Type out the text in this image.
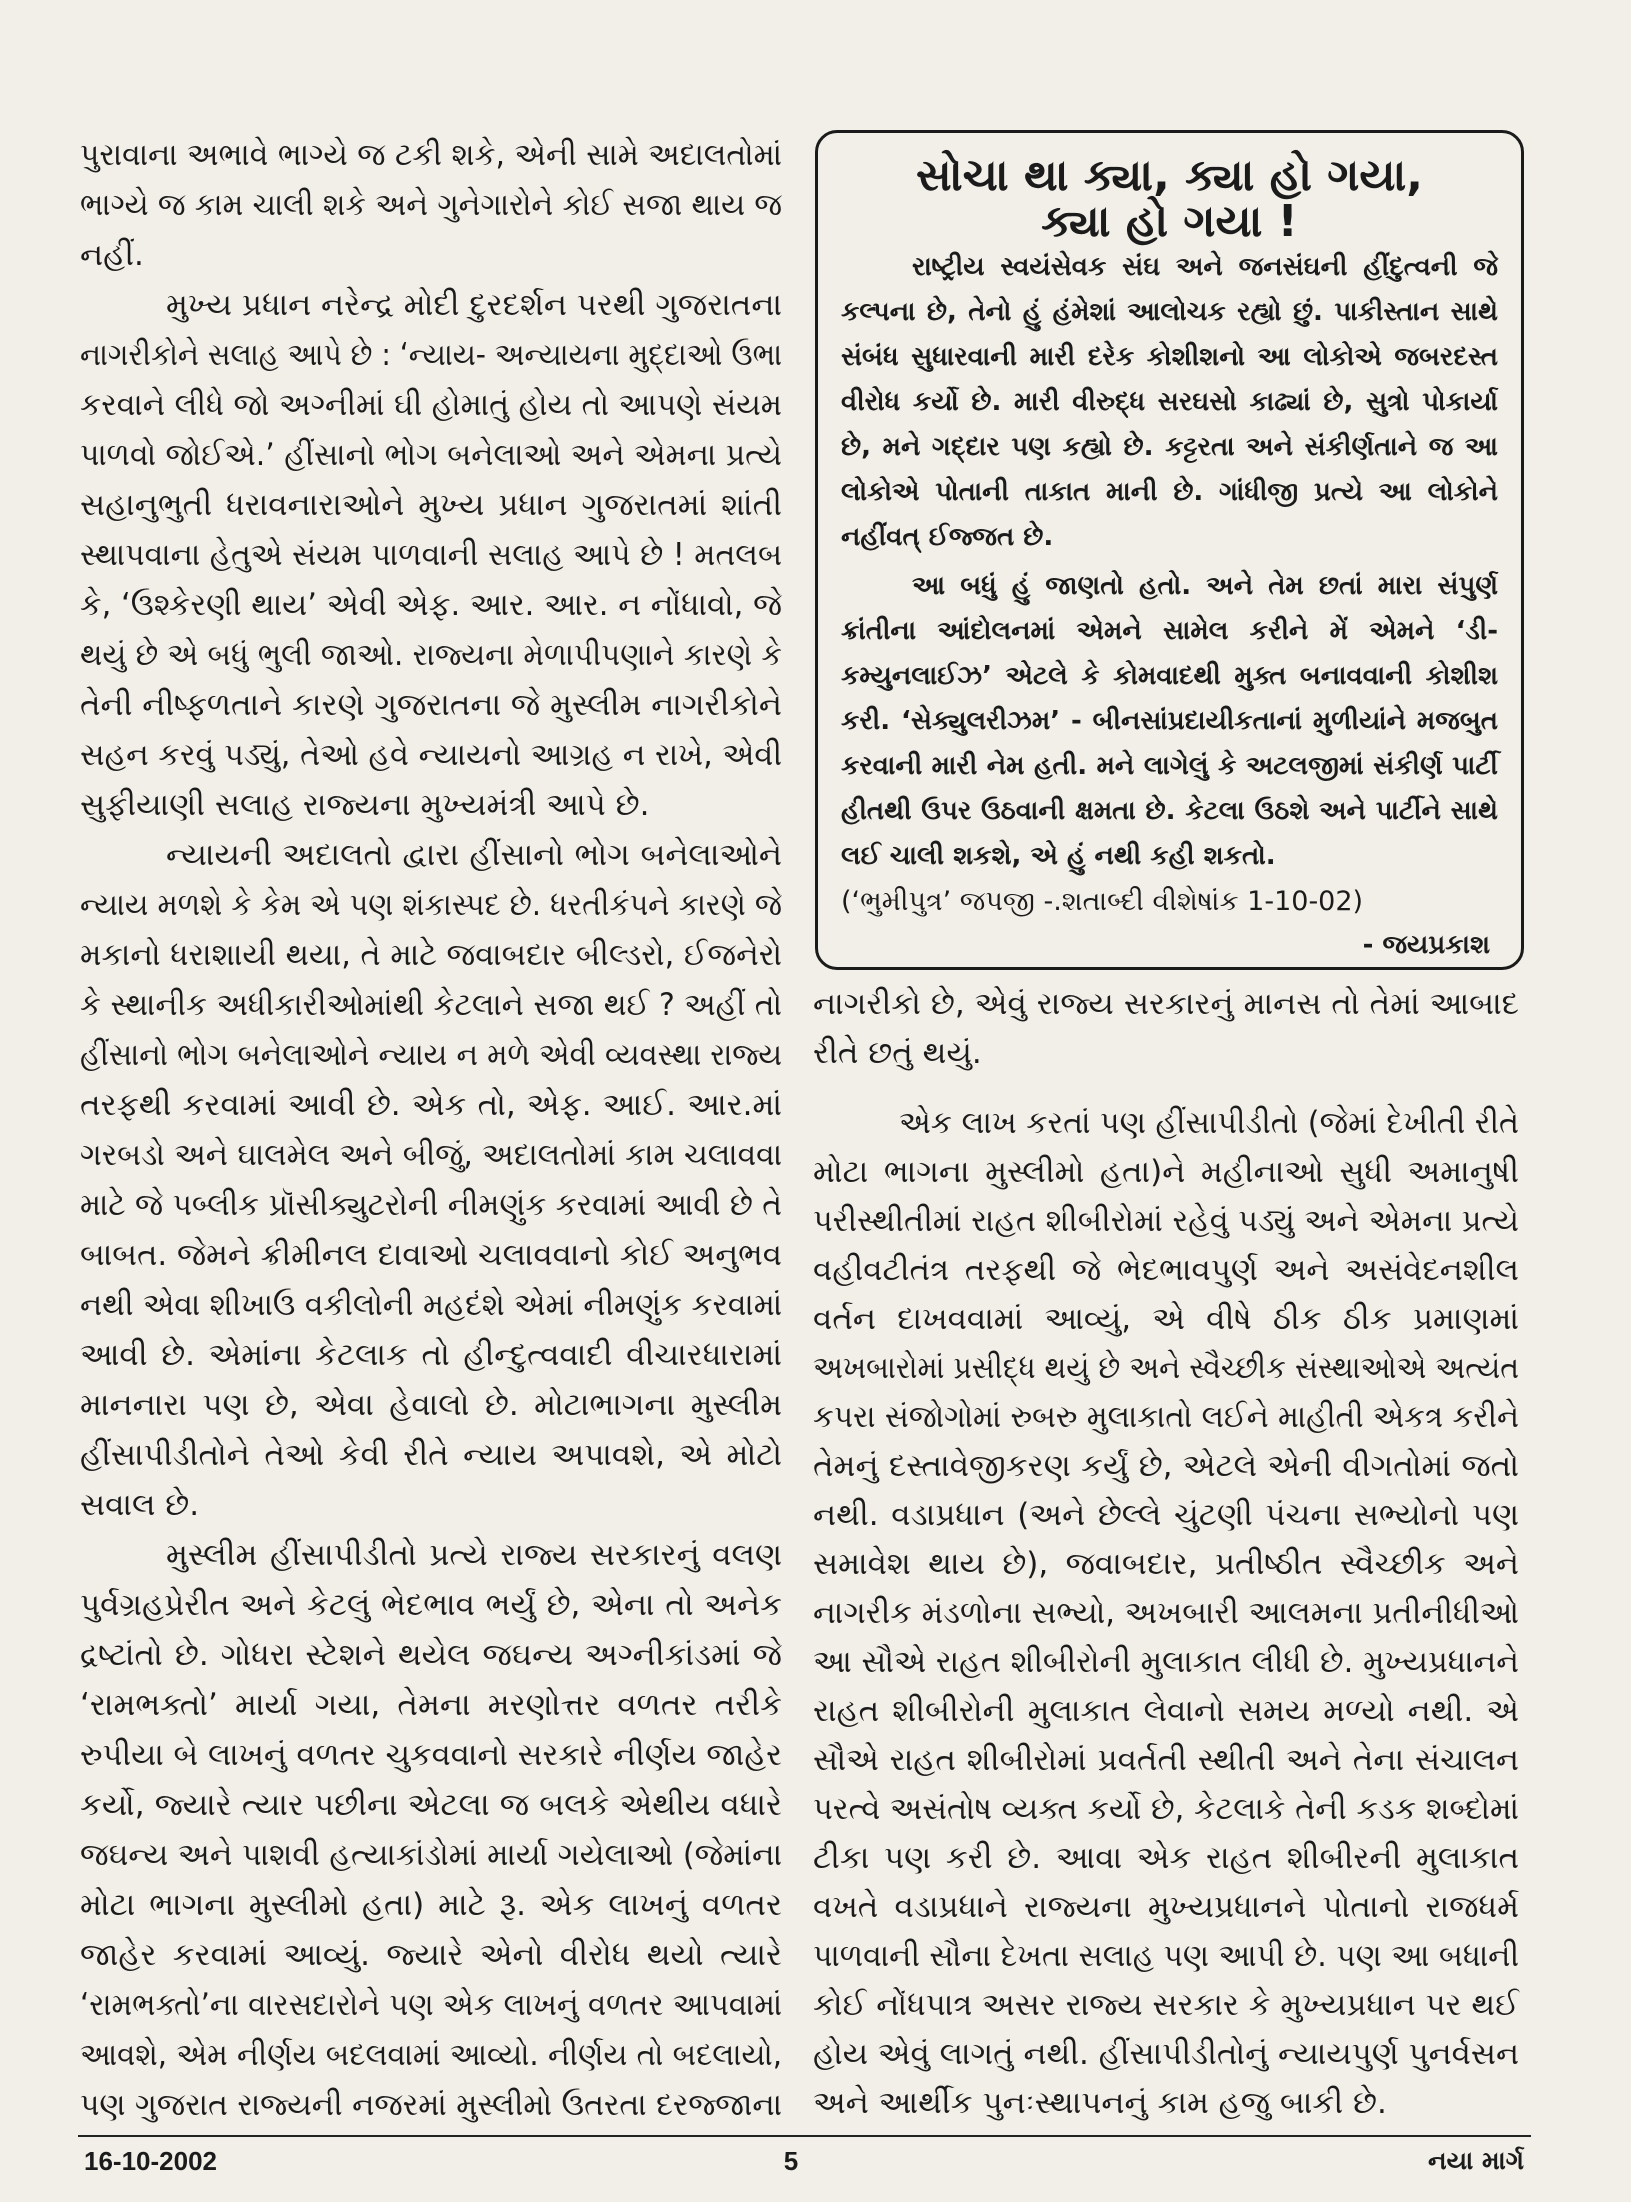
પુરાવાના અભાવે ભાગ્યે જ ટકી શકે, એની સામે અદાલતોમાં
ભાગ્યે જ કામ ચાલી શકે અને ગુનેગારોને કોઈ સજા થાય જ
નહીં.
મુખ્ય પ્રધાન નરેન્દ્ર મોદી દુરદર્શન પરથી ગુજરાતના
નાગરીકોને સલાહ આપે છે : ‘ન્યાય- અન્યાયના મુદ્દાઓ ઉભા
કરવાને લીધે જો અગ્નીમાં ઘી હોમાતું હોય તો આપણે સંયમ
પાળવો જોઈએ.’ હીંસાનો ભોગ બનેલાઓ અને એમના પ્રત્યે
સહાનુભુતી ધરાવનારાઓને મુખ્ય પ્રધાન ગુજરાતમાં શાંતી
સ્થાપવાના હેતુએ સંયમ પાળવાની સલાહ આપે છે ! મતલબ
કે, ‘ઉશ્કેરણી થાય’ એવી એફ. આર. આર. ન નોંધાવો, જે
થયું છે એ બધું ભુલી જાઓ. રાજ્યના મેળાપીપણાને કારણે કે
તેની નીષ્ફળતાને કારણે ગુજરાતના જે મુસ્લીમ નાગરીકોને
સહન કરવું પડ્યું, તેઓ હવે ન્યાયનો આગ્રહ ન રાખે, એવી
સુફીયાણી સલાહ રાજ્યના મુખ્યમંત્રી આપે છે.
ન્યાયની અદાલતો દ્વારા હીંસાનો ભોગ બનેલાઓને
ન્યાય મળશે કે કેમ એ પણ શંકાસ્પદ છે. ધરતીકંપને કારણે જે
મકાનો ધરાશાયી થયા, તે માટે જવાબદાર બીલ્ડરો, ઈજનેરો
કે સ્થાનીક અધીકારીઓમાંથી કેટલાને સજા થઈ ? અહીં તો
હીંસાનો ભોગ બનેલાઓને ન્યાય ન મળે એવી વ્યવસ્થા રાજ્ય
તરફથી કરવામાં આવી છે. એક તો, એફ. આઈ. આર.માં
ગરબડો અને ઘાલમેલ અને બીજું, અદાલતોમાં કામ ચલાવવા
માટે જે પબ્લીક પ્રૉસીક્યુટરોની નીમણુંક કરવામાં આવી છે તે
બાબત. જેમને ક્રીમીનલ દાવાઓ ચલાવવાનો કોઈ અનુભવ
નથી એવા શીખાઉ વકીલોની મહદંશે એમાં નીમણુંક કરવામાં
આવી છે. એમાંના કેટલાક તો હીન્દુત્વવાદી વીચારધારામાં
માનનારા પણ છે, એવા હેવાલો છે. મોટાભાગના મુસ્લીમ
હીંસાપીડીતોને તેઓ કેવી રીતે ન્યાય અપાવશે, એ મોટો
સવાલ છે.
મુસ્લીમ હીંસાપીડીતો પ્રત્યે રાજ્ય સરકારનું વલણ
પુર્વગ્રહપ્રેરીત અને કેટલું ભેદભાવ ભર્યું છે, એના તો અનેક
દ્રષ્ટાંતો છે. ગોધરા સ્ટેશને થયેલ જઘન્ય અગ્નીકાંડમાં જે
‘રામભક્તો’ માર્યા ગયા, તેમના મરણોત્તર વળતર તરીકે
રુપીયા બે લાખનું વળતર ચુકવવાનો સરકારે નીર્ણય જાહેર
કર્યો, જ્યારે ત્યાર પછીના એટલા જ બલકે એથીય વધારે
જઘન્ય અને પાશવી હત્યાકાંડોમાં માર્યા ગયેલાઓ (જેમાંના
મોટા ભાગના મુસ્લીમો હતા) માટે રૂ. એક લાખનું વળતર
જાહેર કરવામાં આવ્યું. જ્યારે એનો વીરોધ થયો ત્યારે
‘રામભક્તો’ના વારસદારોને પણ એક લાખનું વળતર આપવામાં
આવશે, એમ નીર્ણય બદલવામાં આવ્યો. નીર્ણય તો બદલાયો,
પણ ગુજરાત રાજ્યની નજરમાં મુસ્લીમો ઉતરતા દરજ્જાના
સોચા થા ક્યા, ક્યા હો ગયા,
ક્યા હો ગયા !
રાષ્ટ્રીય સ્વયંસેવક સંઘ અને જનસંઘની હીંદુત્વની જે
કલ્પના છે, તેનો હું હંમેશાં આલોચક રહ્યો છું. પાકીસ્તાન સાથે
સંબંધ સુધારવાની મારી દરેક કોશીશનો આ લોકોએ જબરદસ્ત
વીરોધ કર્યો છે. મારી વીરુદ્ધ સરઘસો કાઢ્યાં છે, સુત્રો પોકાર્યા
છે, મને ગદ્દાર પણ કહ્યો છે. કટ્ટરતા અને સંકીર્ણતાને જ આ
લોકોએ પોતાની તાકાત માની છે. ગાંધીજી પ્રત્યે આ લોકોને
નહીંવત્ ઈજ્જત છે.
આ બધું હું જાણતો હતો. અને તેમ છતાં મારા સંપુર્ણ
ક્રાંતીના આંદોલનમાં એમને સામેલ કરીને મેં એમને ‘ડી-
કમ્યુનલાઈઝ’ એટલે કે કોમવાદથી મુક્ત બનાવવાની કોશીશ
કરી. ‘સેક્યુલરીઝમ’ - બીનસાંપ્રદાયીકતાનાં મુળીયાંને મજબુત
કરવાની મારી નેમ હતી. મને લાગેલું કે અટલજીમાં સંકીર્ણ પાર્ટી
હીતથી ઉપર ઉઠવાની ક્ષમતા છે. કેટલા ઉઠશે અને પાર્ટીને સાથે
લઈ ચાલી શકશે, એ હું નથી કહી શકતો.
(‘ભુમીપુત્ર’ જપજી -.શતાબ્દી વીશેષાંક 1-10-02)
- જયપ્રકાશ
નાગરીકો છે, એવું રાજ્ય સરકારનું માનસ તો તેમાં આબાદ
રીતે છતું થયું.
એક લાખ કરતાં પણ હીંસાપીડીતો (જેમાં દેખીતી રીતે
મોટા ભાગના મુસ્લીમો હતા)ને મહીનાઓ સુધી અમાનુષી
પરીસ્થીતીમાં રાહત શીબીરોમાં રહેવું પડ્યું અને એમના પ્રત્યે
વહીવટીતંત્ર તરફથી જે ભેદભાવપુર્ણ અને અસંવેદનશીલ
વર્તન દાખવવામાં આવ્યું, એ વીષે ઠીક ઠીક પ્રમાણમાં
અખબારોમાં પ્રસીદ્ધ થયું છે અને સ્વૈચ્છીક સંસ્થાઓએ અત્યંત
કપરા સંજોગોમાં રુબરુ મુલાકાતો લઈને માહીતી એકત્ર કરીને
તેમનું દસ્તાવેજીકરણ કર્યું છે, એટલે એની વીગતોમાં જતો
નથી. વડાપ્રધાન (અને છેલ્લે ચુંટણી પંચના સભ્યોનો પણ
સમાવેશ થાય છે), જવાબદાર, પ્રતીષ્ઠીત સ્વૈચ્છીક અને
નાગરીક મંડળોના સભ્યો, અખબારી આલમના પ્રતીનીધીઓ
આ સૌએ રાહત શીબીરોની મુલાકાત લીધી છે. મુખ્યપ્રધાનને
રાહત શીબીરોની મુલાકાત લેવાનો સમય મળ્યો નથી. એ
સૌએ રાહત શીબીરોમાં પ્રવર્તતી સ્થીતી અને તેના સંચાલન
પરત્વે અસંતોષ વ્યક્ત કર્યો છે, કેટલાકે તેની કડક શબ્દોમાં
ટીકા પણ કરી છે. આવા એક રાહત શીબીરની મુલાકાત
વખતે વડાપ્રધાને રાજ્યના મુખ્યપ્રધાનને પોતાનો રાજધર્મ
પાળવાની સૌના દેખતા સલાહ પણ આપી છે. પણ આ બધાની
કોઈ નોંધપાત્ર અસર રાજ્ય સરકાર કે મુખ્યપ્રધાન પર થઈ
હોય એવું લાગતું નથી. હીંસાપીડીતોનું ન્યાયપુર્ણ પુનર્વસન
અને આર્થીક પુનઃસ્થાપનનું કામ હજુ બાકી છે.
16-10-2002	5	નયા માર્ગ
